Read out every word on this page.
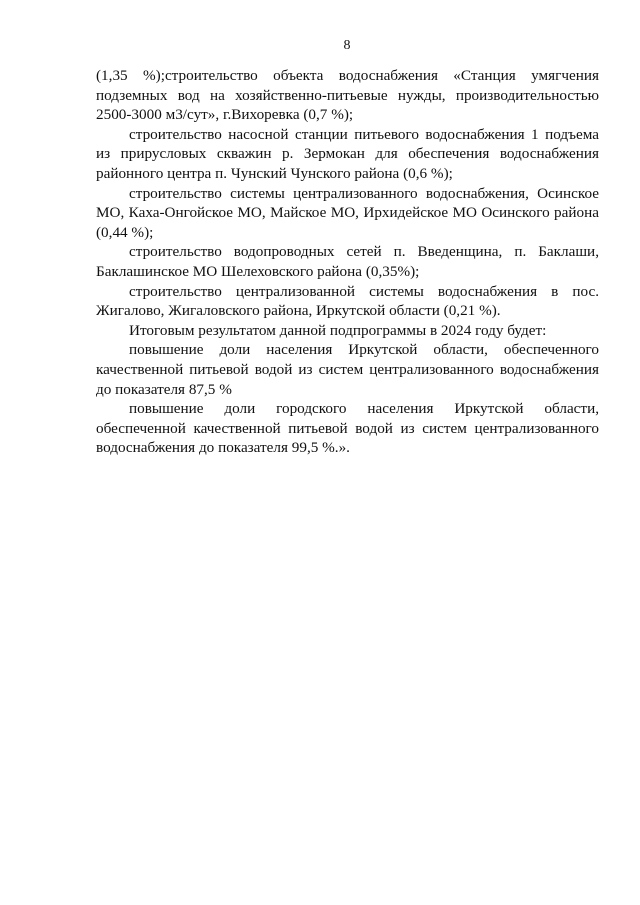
8

(1,35 %);строительство объекта водоснабжения «Станция умягчения подземных вод на хозяйственно-питьевые нужды, производительностью 2500-3000 м3/сут», г.Вихоревка (0,7 %);

строительство насосной станции питьевого водоснабжения 1 подъема из прирусловых скважин р. Зермокан для обеспечения водоснабжения районного центра п. Чунский Чунского района (0,6 %);

строительство системы централизованного водоснабжения, Осинское МО, Каха-Онгойское МО, Майское МО, Ирхидейское МО Осинского района (0,44 %);

строительство водопроводных сетей п. Введенщина, п. Баклаши, Баклашинское МО Шелеховского района (0,35%);

строительство централизованной системы водоснабжения в пос. Жигалово, Жигаловского района, Иркутской области (0,21 %).

Итоговым результатом данной подпрограммы в 2024 году будет:

повышение доли населения Иркутской области, обеспеченного качественной питьевой водой из систем централизованного водоснабжения до показателя 87,5 %

повышение доли городского населения Иркутской области, обеспеченной качественной питьевой водой из систем централизованного водоснабжения до показателя 99,5 %.».
